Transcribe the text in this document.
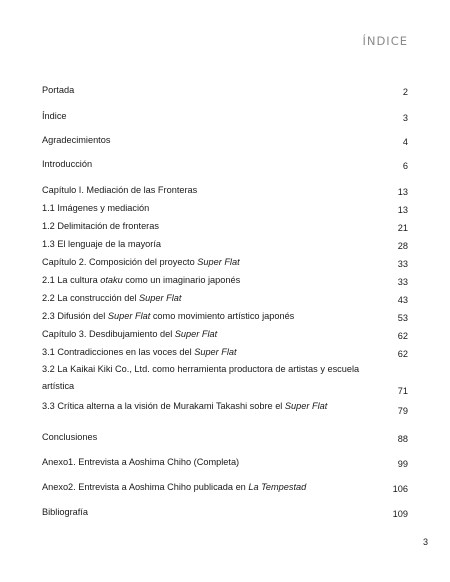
ÍNDICE
Portada	2
Índice	3
Agradecimientos	4
Introducción	6
Capítulo I. Mediación de las Fronteras	13
1.1 Imágenes y mediación	13
1.2 Delimitación de fronteras	21
1.3 El lenguaje de la mayoría	28
Capítulo 2. Composición del proyecto Super Flat	33
2.1 La cultura otaku como un imaginario japonés	33
2.2 La construcción del Super Flat	43
2.3 Difusión del Super Flat como movimiento artístico japonés	53
Capítulo 3. Desdibujamiento del Super Flat	62
3.1 Contradicciones en las voces del Super Flat	62
3.2 La Kaikai Kiki Co., Ltd. como herramienta productora de artistas y escuela artística	71
3.3 Crítica alterna a la visión de Murakami Takashi sobre el Super Flat	79
Conclusiones	88
Anexo1. Entrevista a Aoshima Chiho (Completa)	99
Anexo2. Entrevista a Aoshima Chiho publicada en La Tempestad	106
Bibliografía	109
3
